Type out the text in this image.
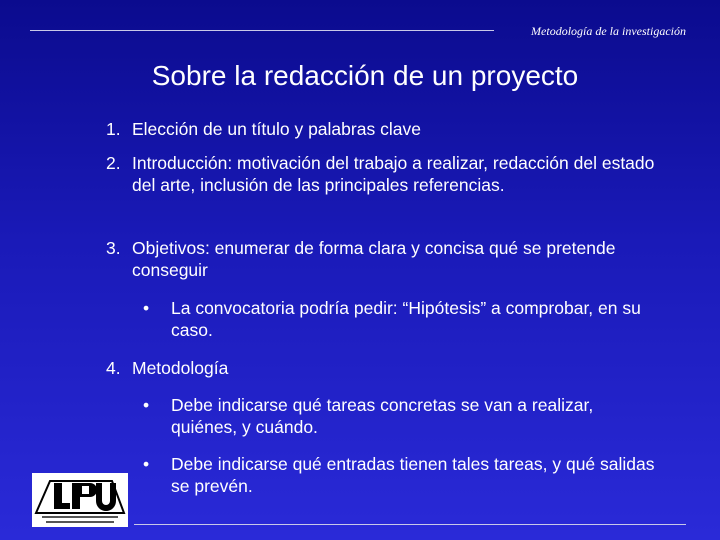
Metodología de la investigación
Sobre la redacción de un proyecto
1. Elección de un título y palabras clave
2. Introducción: motivación del trabajo a realizar, redacción del estado del arte, inclusión de las principales referencias.
3. Objetivos: enumerar de forma clara y concisa qué se pretende conseguir
•	La convocatoria podría pedir: “Hipótesis” a comprobar, en su caso.
4. Metodología
•	Debe indicarse qué tareas concretas se van a realizar, quiénes, y cuándo.
•	Debe indicarse qué entradas tienen tales tareas, y qué salidas se prevén.
